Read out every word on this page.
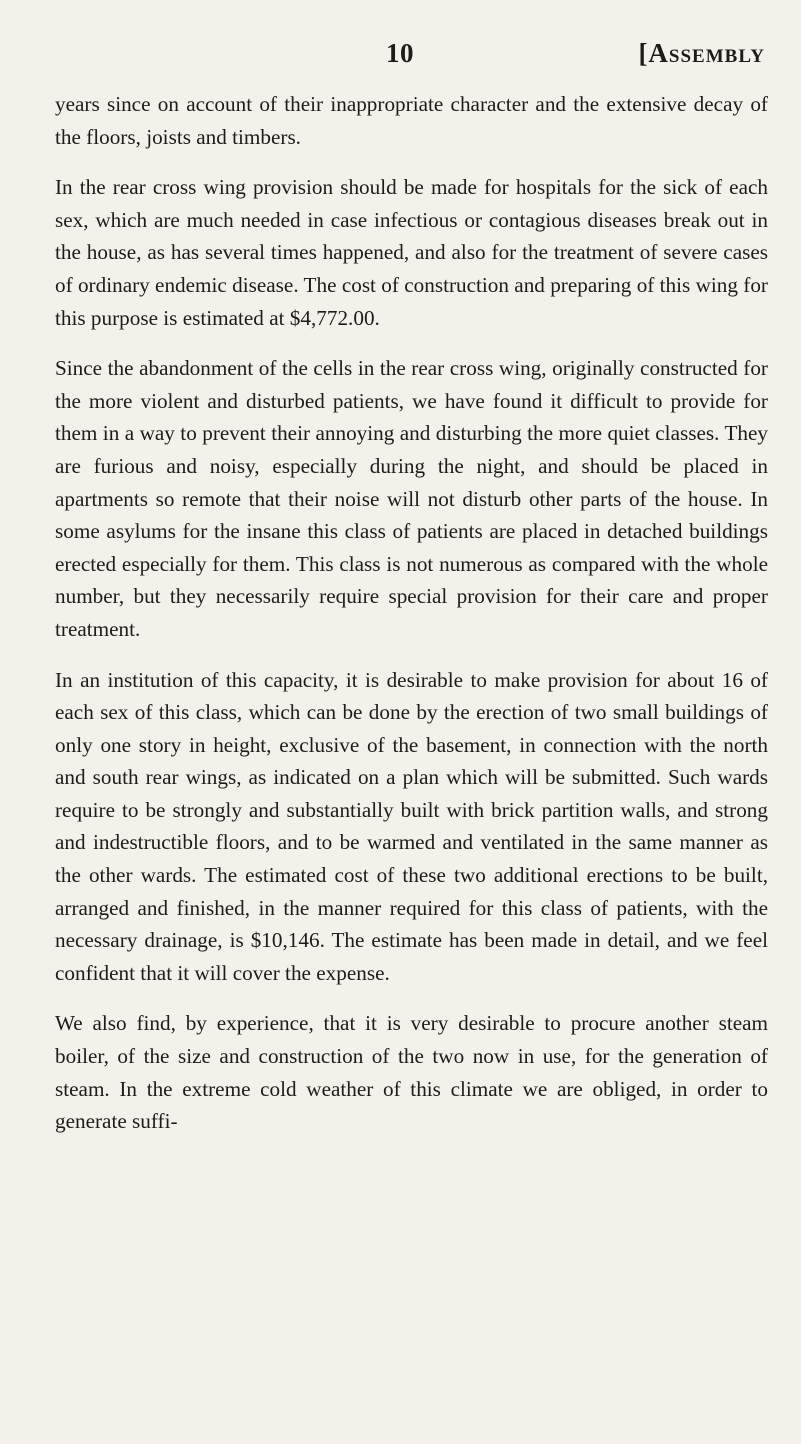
10	[Assembly

years since on account of their inappropriate character and the extensive decay of the floors, joists and timbers.

In the rear cross wing provision should be made for hospitals for the sick of each sex, which are much needed in case infectious or contagious diseases break out in the house, as has several times happened, and also for the treatment of severe cases of ordinary endemic disease. The cost of construction and preparing of this wing for this purpose is estimated at $4,772.00.

Since the abandonment of the cells in the rear cross wing, originally constructed for the more violent and disturbed patients, we have found it difficult to provide for them in a way to prevent their annoying and disturbing the more quiet classes. They are furious and noisy, especially during the night, and should be placed in apartments so remote that their noise will not disturb other parts of the house. In some asylums for the insane this class of patients are placed in detached buildings erected especially for them. This class is not numerous as compared with the whole number, but they necessarily require special provision for their care and proper treatment.

In an institution of this capacity, it is desirable to make provision for about 16 of each sex of this class, which can be done by the erection of two small buildings of only one story in height, exclusive of the basement, in connection with the north and south rear wings, as indicated on a plan which will be submitted. Such wards require to be strongly and substantially built with brick partition walls, and strong and indestructible floors, and to be warmed and ventilated in the same manner as the other wards. The estimated cost of these two additional erections to be built, arranged and finished, in the manner required for this class of patients, with the necessary drainage, is $10,146. The estimate has been made in detail, and we feel confident that it will cover the expense.

We also find, by experience, that it is very desirable to procure another steam boiler, of the size and construction of the two now in use, for the generation of steam. In the extreme cold weather of this climate we are obliged, in order to generate suffi-
